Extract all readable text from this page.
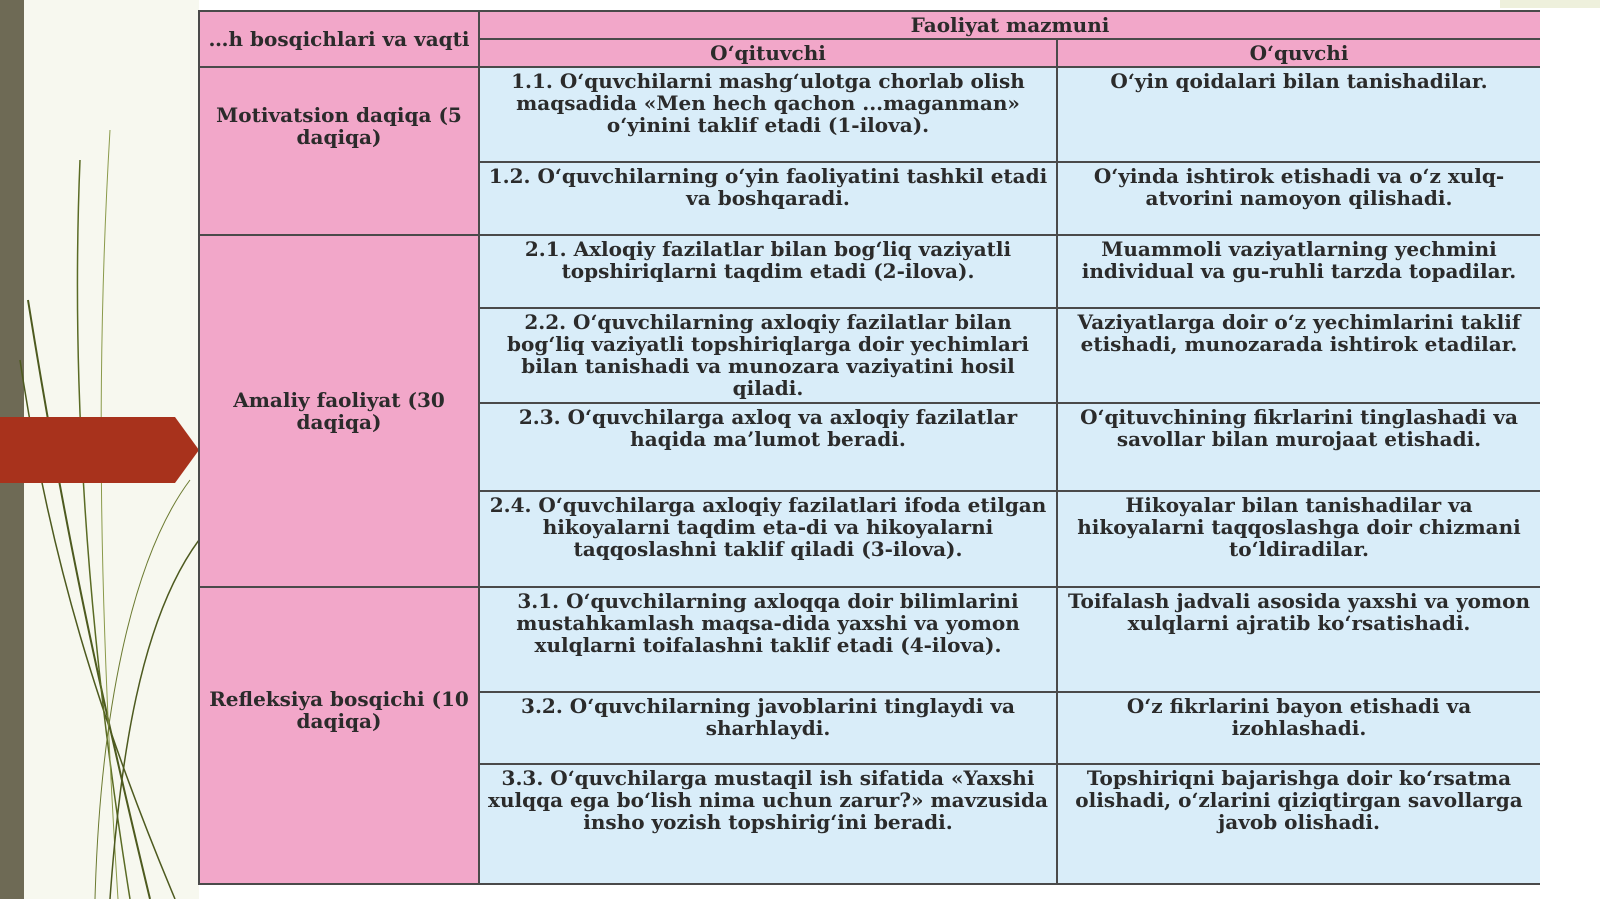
…h bosqichlari va vaqti	Faoliyat mazmuni	
	O‘qituvchi	O‘quvchi
Motivatsion daqiqa (5 daqiqa)	1.1. O‘quvchilarni mashg‘ulotga chorlab olish maqsadida «Men hech qachon ...maganman» o‘yinini taklif etadi (1-ilova).	O‘yin qoidalari bilan tanishadilar.
	1.2. O‘quvchilarning o‘yin faoliyatini tashkil etadi va boshqaradi.	O‘yinda ishtirok etishadi va o‘z xulq-atvorini namoyon qilishadi.
Amaliy faoliyat (30 daqiqa)	2.1. Axloqiy fazilatlar bilan bog‘liq vaziyatli topshiriqlarni taqdim etadi (2-ilova).	Muammoli vaziyatlarning yechmini individual va gu-ruhli tarzda topadilar.
	2.2. O‘quvchilarning axloqiy fazilatlar bilan bog‘liq vaziyatli topshiriqlarga doir yechimlari bilan tanishadi va munozara vaziyatini hosil qiladi.	Vaziyatlarga doir o‘z yechimlarini taklif etishadi, munozarada ishtirok etadilar.
	2.3. O‘quvchilarga axloq va axloqiy fazilatlar haqida ma’lumot beradi.	O‘qituvchining fikrlarini tinglashadi va savollar bilan murojaat etishadi.
	2.4. O‘quvchilarga axloqiy fazilatlari ifoda etilgan hikoyalarni taqdim eta-di va hikoyalarni taqqoslashni taklif qiladi (3-ilova).	Hikoyalar bilan tanishadilar va hikoyalarni taqqoslashga doir chizmani to‘ldiradilar.
Refleksiya bosqichi (10 daqiqa)	3.1. O‘quvchilarning axloqqa doir bilimlarini mustahkamlash maqsa-dida yaxshi va yomon xulqlarni toifalashni taklif etadi (4-ilova).	Toifalash jadvali asosida yaxshi va yomon xulqlarni ajratib ko‘rsatishadi.
	3.2. O‘quvchilarning javoblarini tinglaydi va sharhlaydi.	O‘z fikrlarini bayon etishadi va izohlashadi.
	3.3. O‘quvchilarga mustaqil ish sifatida «Yaxshi xulqqa ega bo‘lish nima uchun zarur?» mavzusida insho yozish topshirig‘ini beradi.	Topshiriqni bajarishga doir ko‘rsatma olishadi, o‘zlarini qiziqtirgan savollarga javob olishadi.
